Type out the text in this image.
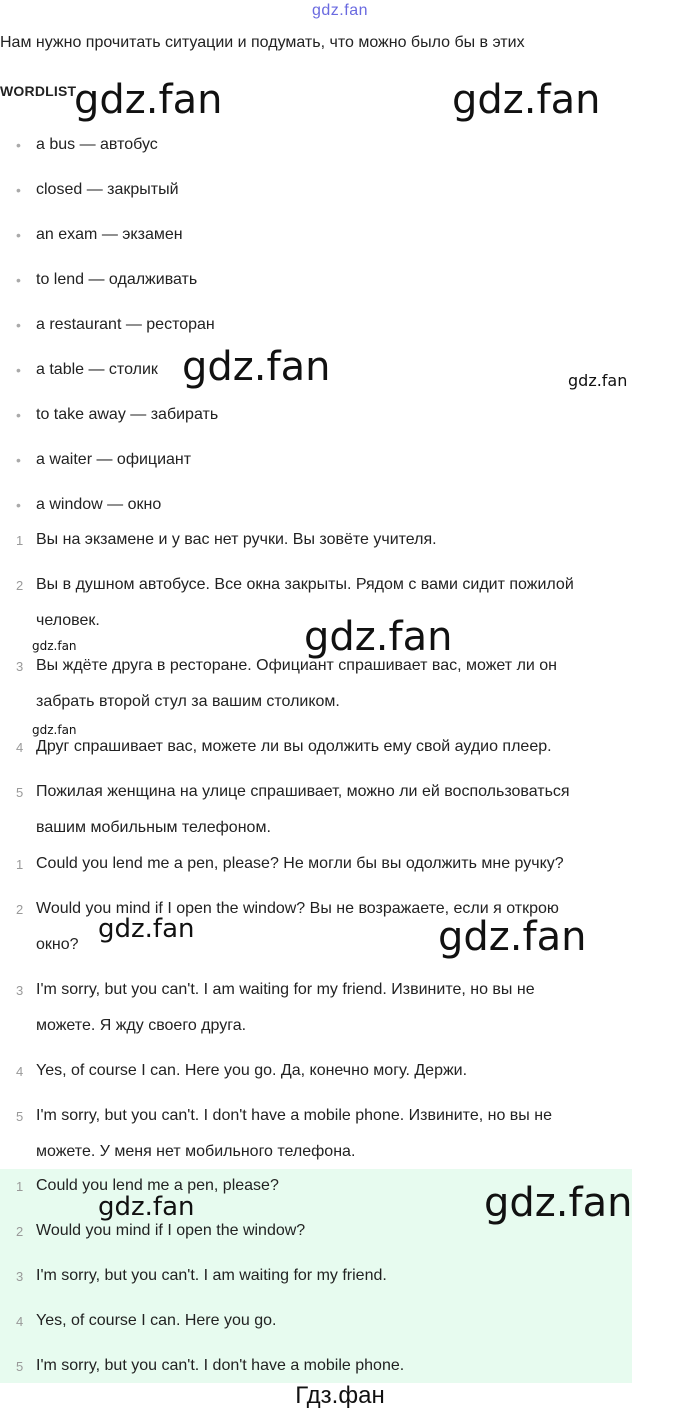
gdz.fan
Нам нужно прочитать ситуации и подумать, что можно было бы в этих
WORDLIST
• a bus — автобус
• closed — закрытый
• an exam — экзамен
• to lend — одалживать
• a restaurant — ресторан
• a table — столик
• to take away — забирать
• a waiter — официант
• a window — окно
1 Вы на экзамене и у вас нет ручки. Вы зовёте учителя.
2 Вы в душном автобусе. Все окна закрыты. Рядом с вами сидит пожилой
человек.
3 Вы ждёте друга в ресторане. Официант спрашивает вас, может ли он
забрать второй стул за вашим столиком.
4 Друг спрашивает вас, можете ли вы одолжить ему свой аудио плеер.
5 Пожилая женщина на улице спрашивает, можно ли ей воспользоваться
вашим мобильным телефоном.
1 Could you lend me a pen, please? Не могли бы вы одолжить мне ручку?
2 Would you mind if I open the window? Вы не возражаете, если я открою
окно?
3 I'm sorry, but you can't. I am waiting for my friend. Извините, но вы не
можете. Я жду своего друга.
4 Yes, of course I can. Here you go. Да, конечно могу. Держи.
5 I'm sorry, but you can't. I don't have a mobile phone. Извините, но вы не
можете. У меня нет мобильного телефона.
1 Could you lend me a pen, please?
2 Would you mind if I open the window?
3 I'm sorry, but you can't. I am waiting for my friend.
4 Yes, of course I can. Here you go.
5 I'm sorry, but you can't. I don't have a mobile phone.
gdz.fan	gdz.fan
gdz.fan	gdz.fan
gdz.fan
gdz.fan
gdz.fan
gdz.fan	gdz.fan
gdz.fan	gdz.fan
Гдз.фан
